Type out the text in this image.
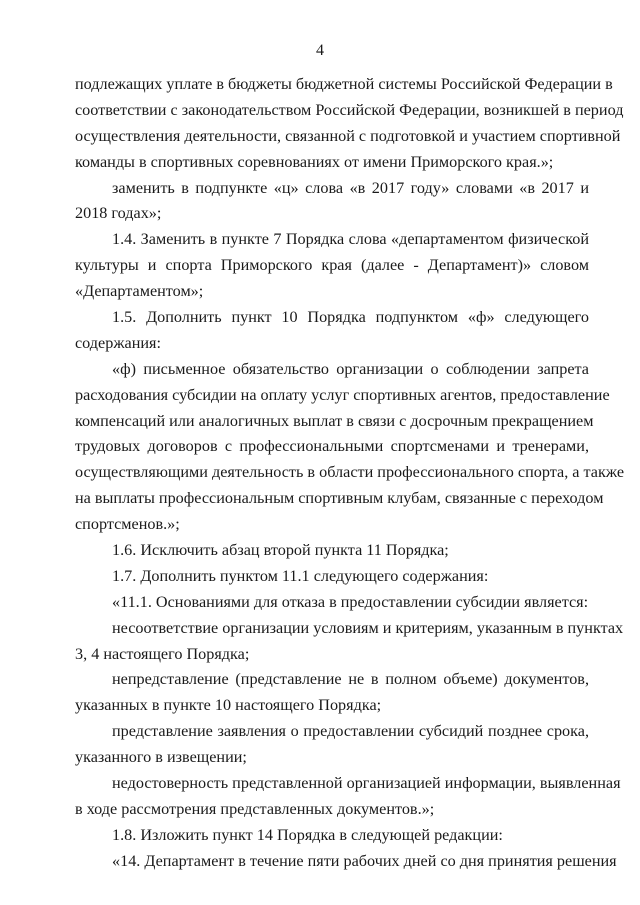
4
подлежащих уплате в бюджеты бюджетной системы Российской Федерации в
соответствии с законодательством Российской Федерации, возникшей в период
осуществления деятельности, связанной с подготовкой и участием спортивной
команды в спортивных соревнованиях от имени Приморского края.»;
заменить в подпункте «ц» слова «в 2017 году» словами «в 2017 и
2018 годах»;
1.4. Заменить в пункте 7 Порядка слова «департаментом физической
культуры и спорта Приморского края (далее - Департамент)» словом
«Департаментом»;
1.5. Дополнить пункт 10 Порядка подпунктом «ф» следующего
содержания:
«ф) письменное обязательство организации о соблюдении запрета
расходования субсидии на оплату услуг спортивных агентов, предоставление
компенсаций или аналогичных выплат в связи с досрочным прекращением
трудовых договоров с профессиональными спортсменами и тренерами,
осуществляющими деятельность в области профессионального спорта, а также
на выплаты профессиональным спортивным клубам, связанные с переходом
спортсменов.»;
1.6. Исключить абзац второй пункта 11 Порядка;
1.7. Дополнить пунктом 11.1 следующего содержания:
«11.1. Основаниями для отказа в предоставлении субсидии является:
несоответствие организации условиям и критериям, указанным в пунктах
3, 4 настоящего Порядка;
непредставление (представление не в полном объеме) документов,
указанных в пункте 10 настоящего Порядка;
представление заявления о предоставлении субсидий позднее срока,
указанного в извещении;
недостоверность представленной организацией информации, выявленная
в ходе рассмотрения представленных документов.»;
1.8. Изложить пункт 14 Порядка в следующей редакции:
«14. Департамент в течение пяти рабочих дней со дня принятия решения
